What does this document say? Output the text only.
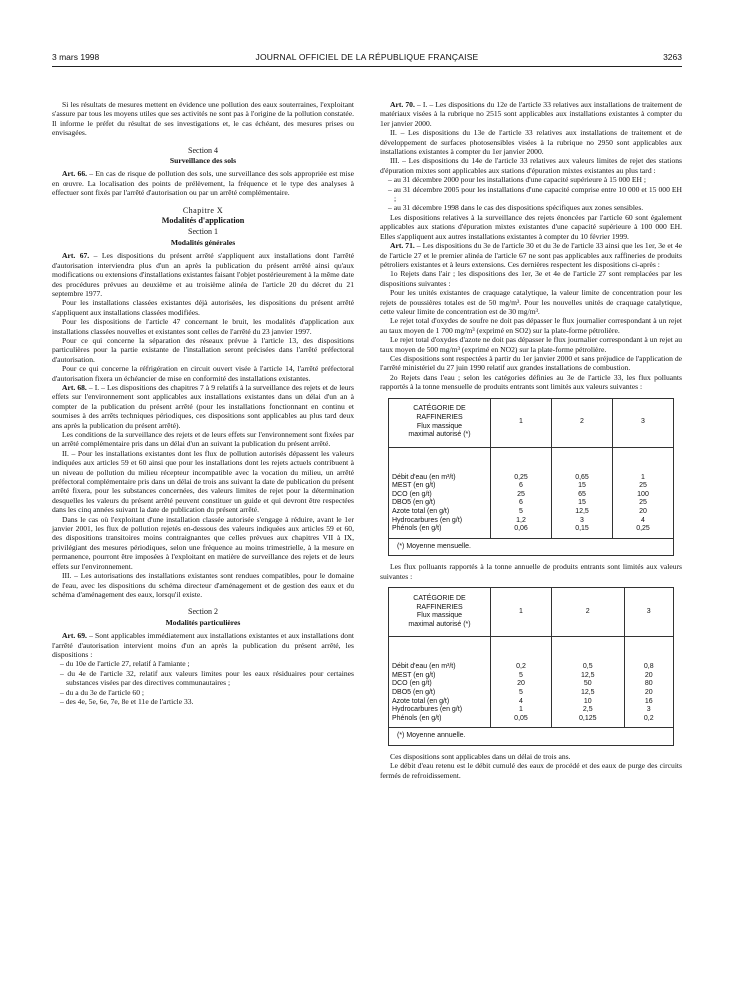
3 mars 1998	JOURNAL OFFICIEL DE LA RÉPUBLIQUE FRANÇAISE	3263

Si les résultats de mesures mettent en évidence une pollution des eaux souterraines, l'exploitant s'assure par tous les moyens utiles que ses activités ne sont pas à l'origine de la pollution constatée. Il informe le préfet du résultat de ses investigations et, le cas échéant, des mesures prises ou envisagées.

Section 4
Surveillance des sols

Art. 66. – En cas de risque de pollution des sols, une surveillance des sols appropriée est mise en œuvre. La localisation des points de prélèvement, la fréquence et le type des analyses à effectuer sont fixés par l'arrêté d'autorisation ou par un arrêté complémentaire.

Chapitre X
Modalités d'application
Section 1
Modalités générales

Art. 67. – Les dispositions du présent arrêté s'appliquent aux installations dont l'arrêté d'autorisation interviendra plus d'un an après la publication du présent arrêté ainsi qu'aux modifications ou extensions d'installations existantes faisant l'objet postérieurement à la même date des procédures prévues au deuxième et au troisième alinéa de l'article 20 du décret du 21 septembre 1977.

Pour les installations classées existantes déjà autorisées, les dispositions du présent arrêté s'appliquent aux installations classées modifiées.

Pour les dispositions de l'article 47 concernant le bruit, les modalités d'application aux installations classées nouvelles et existantes sont celles de l'arrêté du 23 janvier 1997.

Pour ce qui concerne la séparation des réseaux prévue à l'article 13, des dispositions particulières pour la partie existante de l'installation seront précisées dans l'arrêté préfectoral d'autorisation.

Pour ce qui concerne la réfrigération en circuit ouvert visée à l'article 14, l'arrêté préfectoral d'autorisation fixera un échéancier de mise en conformité des installations existantes.

Art. 68. – I. – Les dispositions des chapitres 7 à 9 relatifs à la surveillance des rejets et de leurs effets sur l'environnement sont applicables aux installations existantes dans un délai d'un an à compter de la publication du présent arrêté (pour les installations fonctionnant en continu et soumises à des arrêts techniques périodiques, ces dispositions sont applicables au plus tard deux ans après la publication du présent arrêté).

Les conditions de la surveillance des rejets et de leurs effets sur l'environnement sont fixées par un arrêté complémentaire pris dans un délai d'un an suivant la publication du présent arrêté.

II. – Pour les installations existantes dont les flux de pollution autorisés dépassent les valeurs indiquées aux articles 59 et 60 ainsi que pour les installations dont les rejets actuels contribuent à un niveau de pollution du milieu récepteur incompatible avec la vocation du milieu, un arrêté préfectoral complémentaire pris dans un délai de trois ans suivant la date de publication du présent arrêté fixera, pour les substances concernées, des valeurs limites de rejet pour la détermination desquelles les valeurs du présent arrêté peuvent constituer un guide et qui devront être respectées dans les cinq années suivant la date de publication du présent arrêté.

Dans le cas où l'exploitant d'une installation classée autorisée s'engage à réduire, avant le 1er janvier 2001, les flux de pollution rejetés en-dessous des valeurs indiquées aux articles 59 et 60, des dispositions transitoires moins contraignantes que celles prévues aux chapitres VII à IX, privilégiant des mesures périodiques, selon une fréquence au moins trimestrielle, à la mesure en permanence, pourront être imposées à l'exploitant en matière de surveillance des rejets et de leurs effets sur l'environnement.

III. – Les autorisations des installations existantes sont rendues compatibles, pour le domaine de l'eau, avec les dispositions du schéma directeur d'aménagement et de gestion des eaux et du schéma d'aménagement des eaux, lorsqu'il existe.

Section 2
Modalités particulières

Art. 69. – Sont applicables immédiatement aux installations existantes et aux installations dont l'arrêté d'autorisation intervient moins d'un an après la publication du présent arrêté, les dispositions :

– du 10e de l'article 27, relatif à l'amiante ;
– du 4e de l'article 32, relatif aux valeurs limites pour les eaux résiduaires pour certaines substances visées par des directives communautaires ;
– du a du 3e de l'article 60 ;
– des 4e, 5e, 6e, 7e, 8e et 11e de l'article 33.

Art. 70. – I. – Les dispositions du 12e de l'article 33 relatives aux installations de traitement de matériaux visées à la rubrique no 2515 sont applicables aux installations existantes à compter du 1er janvier 2000.

II. – Les dispositions du 13e de l'article 33 relatives aux installations de traitement et de développement de surfaces photosensibles visées à la rubrique no 2950 sont applicables aux installations existantes à compter du 1er janvier 2000.

III. – Les dispositions du 14e de l'article 33 relatives aux valeurs limites de rejet des stations d'épuration mixtes sont applicables aux stations d'épuration mixtes existantes au plus tard :

– au 31 décembre 2000 pour les installations d'une capacité supérieure à 15 000 EH ;
– au 31 décembre 2005 pour les installations d'une capacité comprise entre 10 000 et 15 000 EH ;
– au 31 décembre 1998 dans le cas des dispositions spécifiques aux zones sensibles.

Les dispositions relatives à la surveillance des rejets énoncées par l'article 60 sont également applicables aux stations d'épuration mixtes existantes d'une capacité supérieure à 100 000 EH. Elles s'appliquent aux autres installations existantes à compter du 10 février 1999.

Art. 71. – Les dispositions du 3e de l'article 30 et du 3e de l'article 33 ainsi que les 1er, 3e et 4e de l'article 27 et le premier alinéa de l'article 67 ne sont pas applicables aux raffineries de produits pétroliers existantes et à leurs extensions. Ces dernières respectent les dispositions ci-après :

1o Rejets dans l'air ; les dispositions des 1er, 3e et 4e de l'article 27 sont remplacées par les dispositions suivantes :

Pour les unités existantes de craquage catalytique, la valeur limite de concentration pour les rejets de poussières totales est de 50 mg/m³. Pour les nouvelles unités de craquage catalytique, cette valeur limite de concentration est de 30 mg/m³.

Le rejet total d'oxydes de soufre ne doit pas dépasser le flux journalier correspondant à un rejet au taux moyen de 1 700 mg/m³ (exprimé en SO2) sur la plate-forme pétrolière.

Le rejet total d'oxydes d'azote ne doit pas dépasser le flux journalier correspondant à un rejet au taux moyen de 500 mg/m³ (exprimé en NO2) sur la plate-forme pétrolière.

Ces dispositions sont respectées à partir du 1er janvier 2000 et sans préjudice de l'application de l'arrêté ministériel du 27 juin 1990 relatif aux grandes installations de combustion.

2o Rejets dans l'eau ; selon les catégories définies au 3e de l'article 33, les flux polluants rapportés à la tonne mensuelle de produits entrants sont limités aux valeurs suivantes :

CATÉGORIE DE RAFFINERIES
Flux massique
maximal autorisé (*)	1	2	3
Débit d'eau (en m³/t)	0,25	0,65	1
MEST (en g/t)	6	15	25
DCO (en g/t)	25	65	100
DBO5 (en g/t)	6	15	25
Azote total (en g/t)	5	12,5	20
Hydrocarbures (en g/t)	1,2	3	4
Phénols (en g/t)	0,06	0,15	0,25
(*) Moyenne mensuelle.			

Les flux polluants rapportés à la tonne annuelle de produits entrants sont limités aux valeurs suivantes :

CATÉGORIE DE RAFFINERIES
Flux massique
maximal autorisé (*)	1	2	3
Débit d'eau (en m³/t)	0,2	0,5	0,8
MEST (en g/t)	5	12,5	20
DCO (en g/t)	20	50	80
DBO5 (en g/t)	5	12,5	20
Azote total (en g/t)	4	10	16
Hydrocarbures (en g/t)	1	2,5	3
Phénols (en g/t)	0,05	0,125	0,2
(*) Moyenne annuelle.			

Ces dispositions sont applicables dans un délai de trois ans.

Le débit d'eau retenu est le débit cumulé des eaux de procédé et des eaux de purge des circuits fermés de refroidissement.
